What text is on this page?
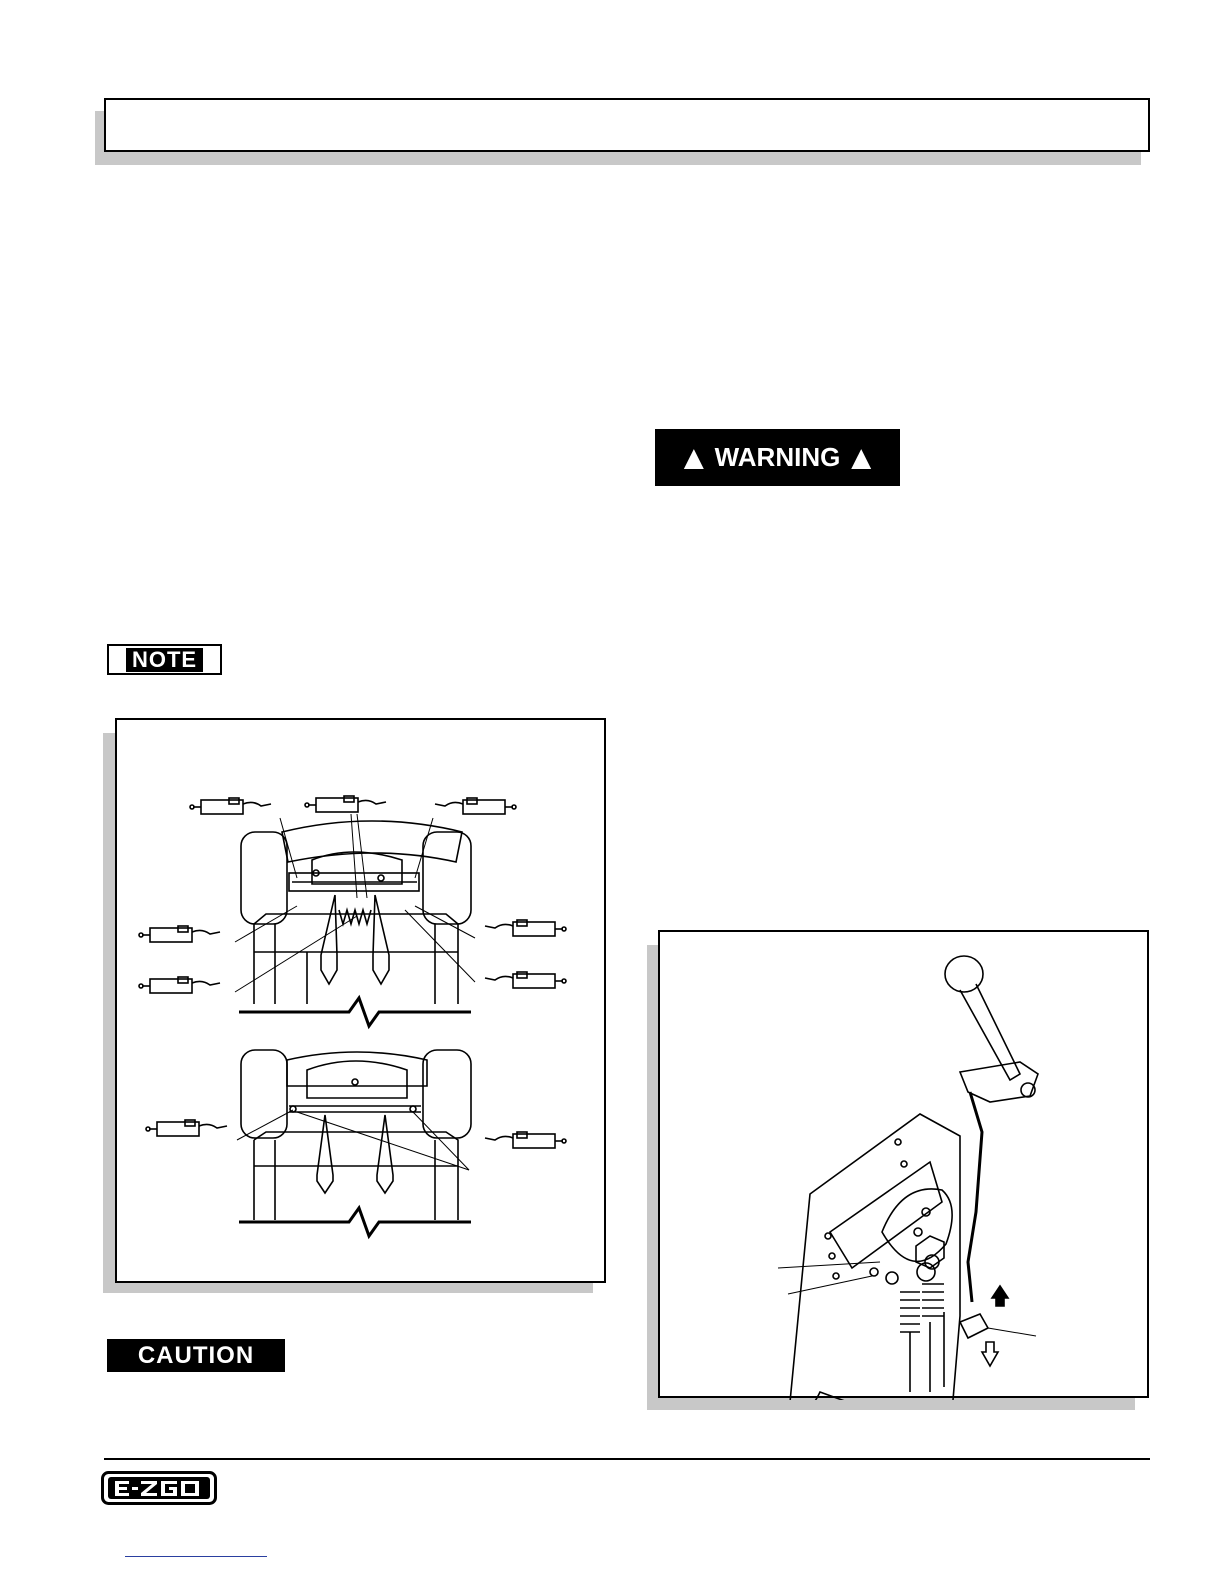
▲ WARNING ▲
NOTE
CAUTION
